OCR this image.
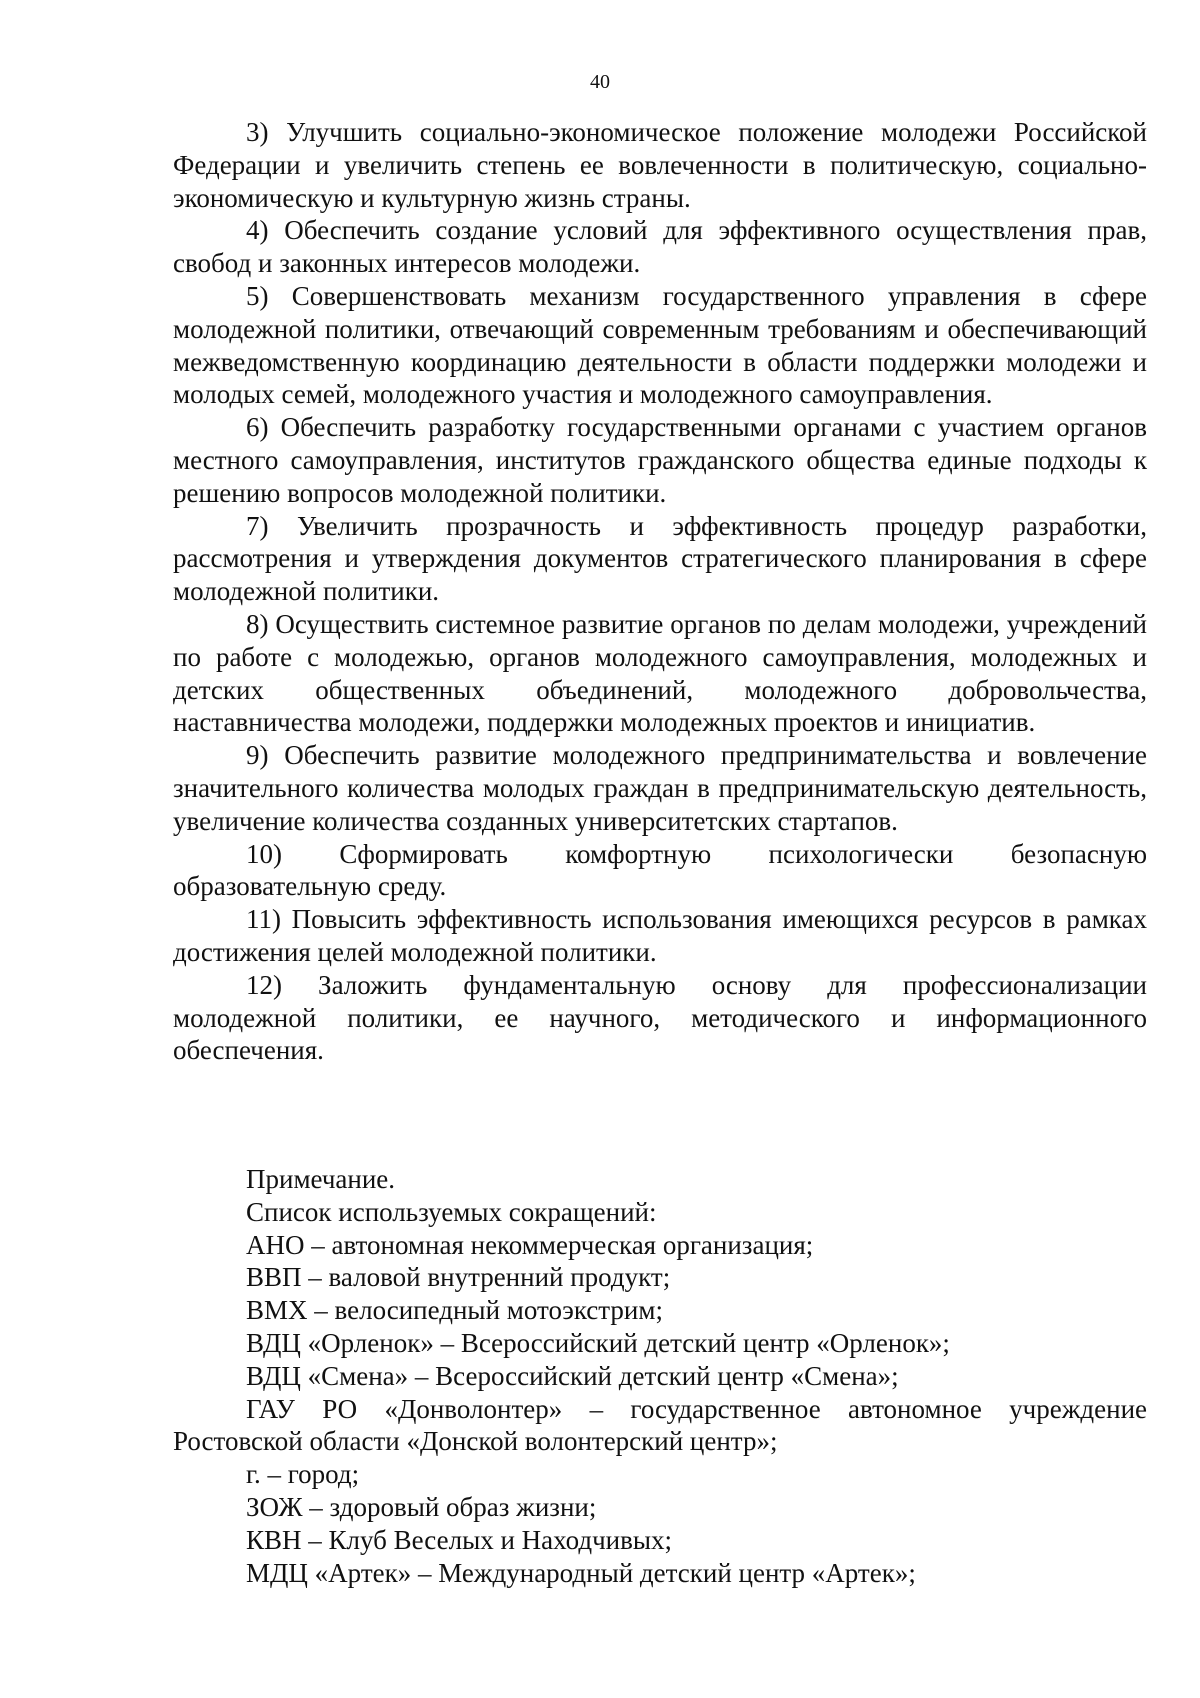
40

3) Улучшить социально-экономическое положение молодежи Российской Федерации и увеличить степень ее вовлеченности в политическую, социально-экономическую и культурную жизнь страны.

4) Обеспечить создание условий для эффективного осуществления прав, свобод и законных интересов молодежи.

5) Совершенствовать механизм государственного управления в сфере молодежной политики, отвечающий современным требованиям и обеспечивающий межведомственную координацию деятельности в области поддержки молодежи и молодых семей, молодежного участия и молодежного самоуправления.

6) Обеспечить разработку государственными органами с участием органов местного самоуправления, институтов гражданского общества единые подходы к решению вопросов молодежной политики.

7) Увеличить прозрачность и эффективность процедур разработки, рассмотрения и утверждения документов стратегического планирования в сфере молодежной политики.

8) Осуществить системное развитие органов по делам молодежи, учреждений по работе с молодежью, органов молодежного самоуправления, молодежных и детских общественных объединений, молодежного добровольчества, наставничества молодежи, поддержки молодежных проектов и инициатив.

9) Обеспечить развитие молодежного предпринимательства и вовлечение значительного количества молодых граждан в предпринимательскую деятельность, увеличение количества созданных университетских стартапов.

10) Сформировать комфортную психологически безопасную образовательную среду.

11) Повысить эффективность использования имеющихся ресурсов в рамках достижения целей молодежной политики.

12) Заложить фундаментальную основу для профессионализации молодежной политики, ее научного, методического и информационного обеспечения.

Примечание.

Список используемых сокращений:

АНО – автономная некоммерческая организация;

ВВП – валовой внутренний продукт;

BMX – велосипедный мотоэкстрим;

ВДЦ «Орленок» – Всероссийский детский центр «Орленок»;

ВДЦ «Смена» – Всероссийский детский центр «Смена»;

ГАУ РО «Донволонтер» – государственное автономное учреждение Ростовской области «Донской волонтерский центр»;

г. – город;

ЗОЖ – здоровый образ жизни;

КВН – Клуб Веселых и Находчивых;

МДЦ «Артек» – Международный детский центр «Артек»;
